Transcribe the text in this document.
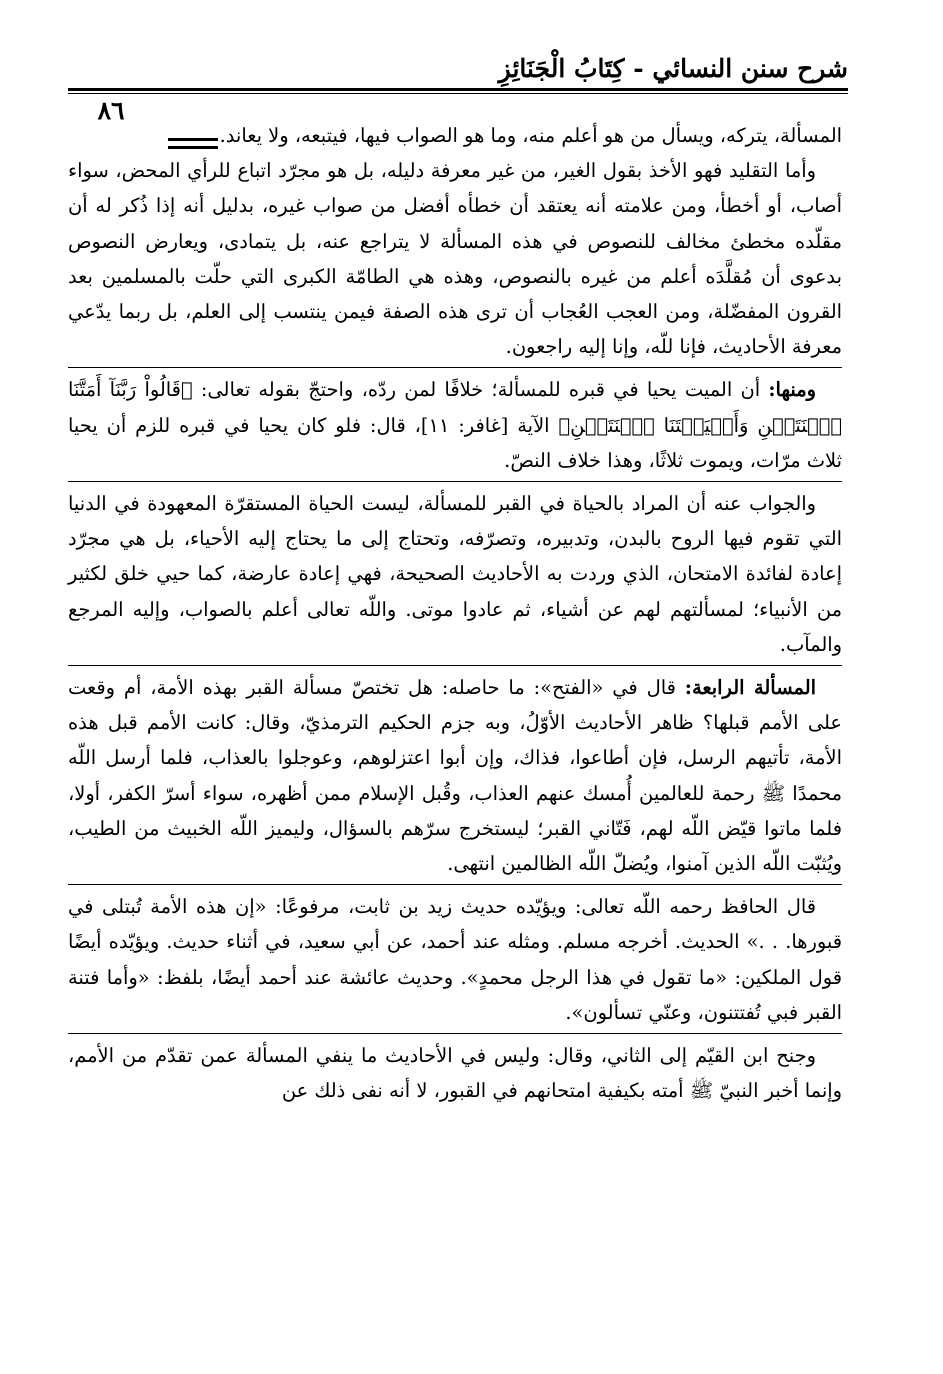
شرح سنن النسائي - كِتَابُ الْجَنَائِزِ
٨٦

المسألة، يتركه، ويسأل من هو أعلم منه، وما هو الصواب فيها، فيتبعه، ولا يعاند.

وأما التقليد فهو الأخذ بقول الغير، من غير معرفة دليله، بل هو مجرّد اتباع للرأي المحض، سواء أصاب، أو أخطأ، ومن علامته أنه يعتقد أن خطأه أفضل من صواب غيره، بدليل أنه إذا ذُكر له أن مقلّده مخطئ مخالف للنصوص في هذه المسألة لا يتراجع عنه، بل يتمادى، ويعارض النصوص بدعوى أن مُقلَّدَه أعلم من غيره بالنصوص، وهذه هي الطامّة الكبرى التي حلّت بالمسلمين بعد القرون المفضّلة، ومن العجب العُجاب أن ترى هذه الصفة فيمن ينتسب إلى العلم، بل ربما يدّعي معرفة الأحاديث، فإنا للّه، وإنا إليه راجعون.

ومنها: أن الميت يحيا في قبره للمسألة؛ خلافًا لمن ردّه، واحتجّ بقوله تعالى: ﴿قَالُواْ رَبَّنَآ أَمَتَّنَا ٱثۡنَتَيۡنِ وَأَحۡيَيۡتَنَا ٱثۡنَتَيۡنِ﴾ الآية [غافر: ١١]، قال: فلو كان يحيا في قبره للزم أن يحيا ثلاث مرّات، ويموت ثلاثًا، وهذا خلاف النصّ.

والجواب عنه أن المراد بالحياة في القبر للمسألة، ليست الحياة المستقرّة المعهودة في الدنيا التي تقوم فيها الروح بالبدن، وتدبيره، وتصرّفه، وتحتاج إلى ما يحتاج إليه الأحياء، بل هي مجرّد إعادة لفائدة الامتحان، الذي وردت به الأحاديث الصحيحة، فهي إعادة عارضة، كما حيي خلق لكثير من الأنبياء؛ لمسألتهم لهم عن أشياء، ثم عادوا موتى. واللّه تعالى أعلم بالصواب، وإليه المرجع والمآب.

المسألة الرابعة: قال في «الفتح»: ما حاصله: هل تختصّ مسألة القبر بهذه الأمة، أم وقعت على الأمم قبلها؟ ظاهر الأحاديث الأوّلُ، وبه جزم الحكيم الترمذيّ، وقال: كانت الأمم قبل هذه الأمة، تأتيهم الرسل، فإن أطاعوا، فذاك، وإن أبوا اعتزلوهم، وعوجلوا بالعذاب، فلما أرسل اللّه محمدًا ﷺ رحمة للعالمين أُمسك عنهم العذاب، وقُبل الإسلام ممن أظهره، سواء أسرّ الكفر، أولا، فلما ماتوا قيّض اللّه لهم، فَتّاني القبر؛ ليستخرج سرّهم بالسؤال، وليميز اللّه الخبيث من الطيب، ويُثبّت اللّه الذين آمنوا، ويُضلّ اللّه الظالمين انتهى.

قال الحافظ رحمه اللّه تعالى: ويؤيّده حديث زيد بن ثابت، مرفوعًا: «إن هذه الأمة تُبتلى في قبورها. . .» الحديث. أخرجه مسلم. ومثله عند أحمد، عن أبي سعيد، في أثناء حديث. ويؤيّده أيضًا قول الملكين: «ما تقول في هذا الرجل محمدٍ». وحديث عائشة عند أحمد أيضًا، بلفظ: «وأما فتنة القبر فبي تُفتتنون، وعنّي تسألون».

وجنح ابن القيّم إلى الثاني، وقال: وليس في الأحاديث ما ينفي المسألة عمن تقدّم من الأمم، وإنما أخبر النبيّ ﷺ أمته بكيفية امتحانهم في القبور، لا أنه نفى ذلك عن
